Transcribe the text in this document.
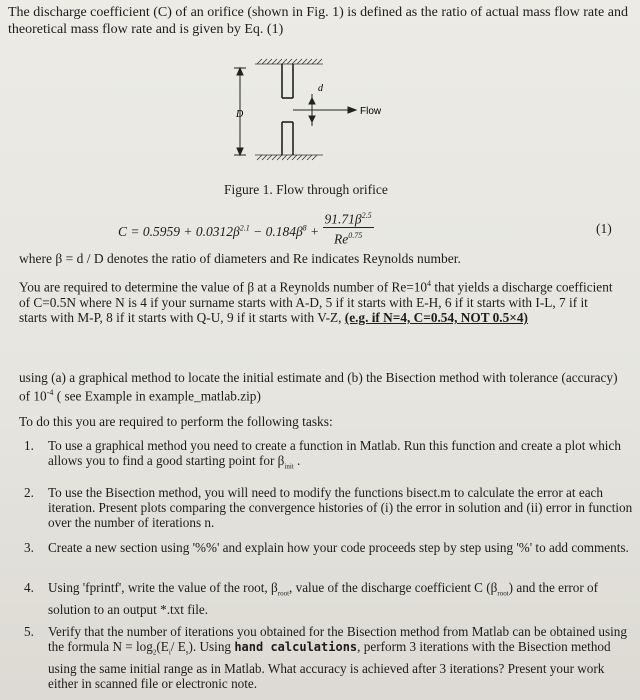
The discharge coefficient (C) of an orifice (shown in Fig. 1) is defined as the ratio of actual mass flow rate and theoretical mass flow rate and is given by Eq. (1)
d
D	Flow
Figure 1. Flow through orifice
$C = 0.5959 + 0.0312\beta^{2.1} - 0.184\beta^8 + \frac{91.71\beta^{2.5}}{Re^{0.75}}$	(1)
where β = d / D denotes the ratio of diameters and Re indicates Reynolds number.
You are required to determine the value of β at a Reynolds number of $Re=10^4$ that yields a discharge coefficient of C=0.5N where N is 4 if your surname starts with A-D, 5 if it starts with E-H, 6 if it starts with I-L, 7 if it starts with M-P, 8 if it starts with Q-U, 9 if it starts with V-Z, (e.g. if N=4, C=0.54, NOT 0.5×4)
using (a) a graphical method to locate the initial estimate and (b) the Bisection method with tolerance (accuracy) of $10^{-4}$ ( see Example in example_matlab.zip)
To do this you are required to perform the following tasks:
1. To use a graphical method you need to create a function in Matlab. Run this function and create a plot which allows you to find a good starting point for $\beta_{init}$ .
2. To use the Bisection method, you will need to modify the functions bisect.m to calculate the error at each iteration. Present plots comparing the convergence histories of (i) the error in solution and (ii) error in function over the number of iterations n.
3. Create a new section using '%%' and explain how your code proceeds step by step using '%' to add comments.
4. Using 'fprintf', write the value of the root, $\beta_{root}$, value of the discharge coefficient C $(\beta_{root})$ and the error of solution to an output *.txt file.
5. Verify that the number of iterations you obtained for the Bisection method from Matlab can be obtained using the formula $N = \log_2(E_i/$ $E_s$). Using hand calculations, perform 3 iterations with the Bisection method using the same initial range as in Matlab. What accuracy is achieved after 3 iterations? Present your work either in scanned file or electronic note.
